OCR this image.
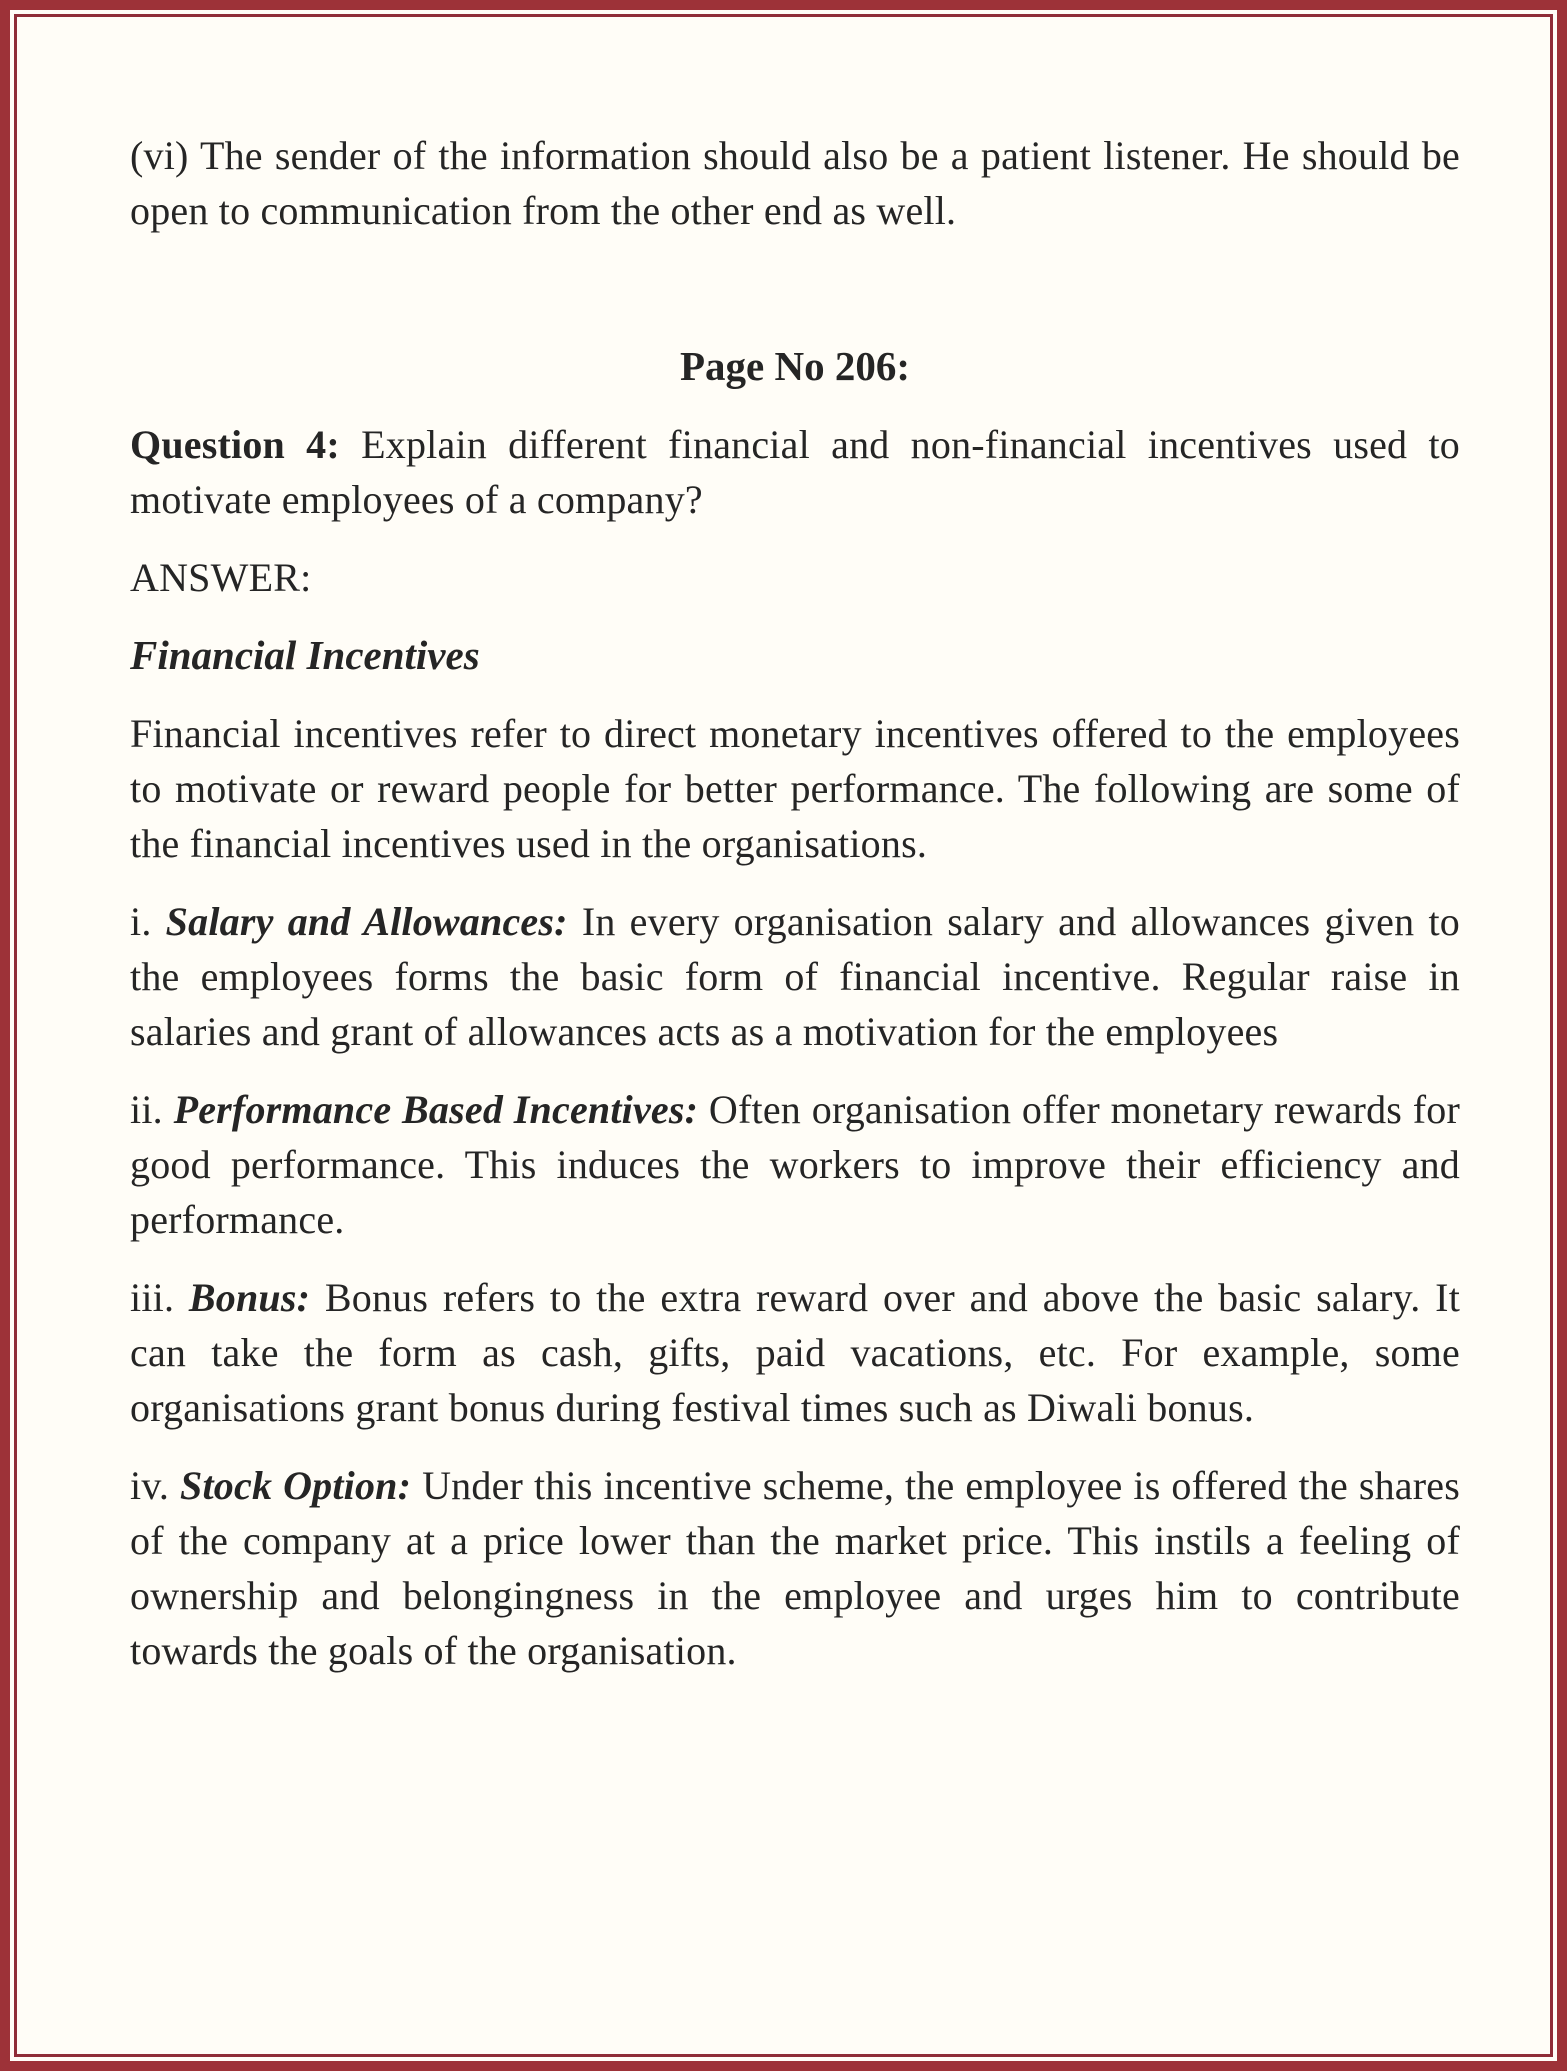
(vi) The sender of the information should also be a patient listener. He should be open to communication from the other end as well.

Page No 206:

Question 4: Explain different financial and non-financial incentives used to motivate employees of a company?

ANSWER:

Financial Incentives

Financial incentives refer to direct monetary incentives offered to the employees to motivate or reward people for better performance. The following are some of the financial incentives used in the organisations.

i. Salary and Allowances: In every organisation salary and allowances given to the employees forms the basic form of financial incentive. Regular raise in salaries and grant of allowances acts as a motivation for the employees

ii. Performance Based Incentives: Often organisation offer monetary rewards for good performance. This induces the workers to improve their efficiency and performance.

iii. Bonus: Bonus refers to the extra reward over and above the basic salary. It can take the form as cash, gifts, paid vacations, etc. For example, some organisations grant bonus during festival times such as Diwali bonus.

iv. Stock Option: Under this incentive scheme, the employee is offered the shares of the company at a price lower than the market price. This instils a feeling of ownership and belongingness in the employee and urges him to contribute towards the goals of the organisation.
